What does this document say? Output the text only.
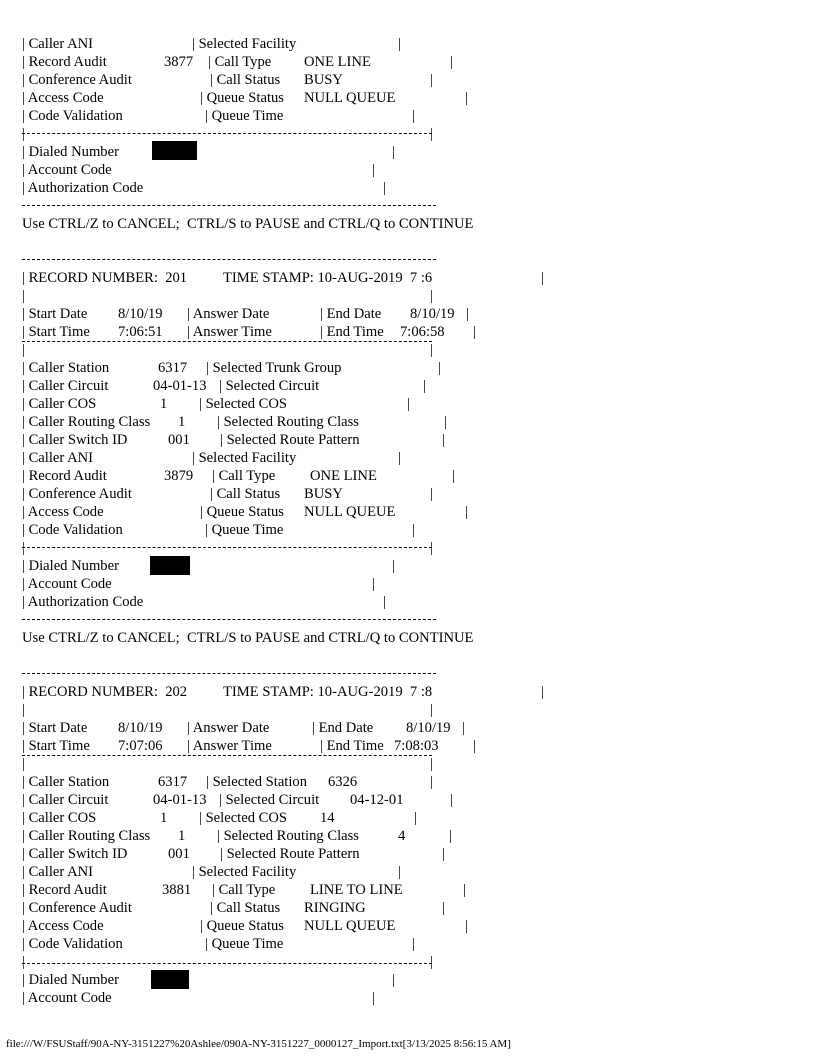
| Caller ANI	| Selected Facility	|
| Record Audit	3877 | Call Type ONE LINE	|
| Conference Audit	| Call Status BUSY	|
| Access Code	| Queue Status NULL QUEUE	|
| Code Validation	| Queue Time	|
|	|
| Dialed Number	|
| Account Code	|
| Authorization Code	|
Use CTRL/Z to CANCEL;  CTRL/S to PAUSE and CTRL/Q to CONTINUE
| RECORD NUMBER:  201 TIME STAMP: 10-AUG-2019  7 :6	|
|	|
| Start Date 8/10/19 | Answer Date	| End Date 8/10/19 |
| Start Time 7:06:51 | Answer Time	| End Time 7:06:58 |
|	|
| Caller Station	6317 | Selected Trunk Group	|
| Caller Circuit	04-01-13 | Selected Circuit	|
| Caller COS	1 | Selected COS	|
| Caller Routing Class 1 | Selected Routing Class	|
| Caller Switch ID	001 | Selected Route Pattern	|
| Caller ANI	| Selected Facility	|
| Record Audit	3879 | Call Type ONE LINE	|
| Conference Audit	| Call Status BUSY	|
| Access Code	| Queue Status NULL QUEUE	|
| Code Validation	| Queue Time	|
|	|
| Dialed Number	|
| Account Code	|
| Authorization Code	|
Use CTRL/Z to CANCEL;  CTRL/S to PAUSE and CTRL/Q to CONTINUE
| RECORD NUMBER:  202 TIME STAMP: 10-AUG-2019  7 :8	|
|	|
| Start Date 8/10/19 | Answer Date	| End Date 8/10/19 |
| Start Time 7:07:06 | Answer Time	| End Time 7:08:03 |
|	|
| Caller Station	6317 | Selected Station 6326	|
| Caller Circuit	04-01-13 | Selected Circuit 04-12-01	|
| Caller COS	1 | Selected COS 14	|
| Caller Routing Class 1 | Selected Routing Class	4	|
| Caller Switch ID	001 | Selected Route Pattern	|
| Caller ANI	| Selected Facility	|
| Record Audit	3881 | Call Type LINE TO LINE	|
| Conference Audit	| Call Status RINGING	|
| Access Code	| Queue Status NULL QUEUE	|
| Code Validation	| Queue Time	|
|	|
| Dialed Number	|
| Account Code	|
file:///W/FSUStaff/90A-NY-3151227%20Ashlee/090A-NY-3151227_0000127_Import.txt[3/13/2025 8:56:15 AM]
